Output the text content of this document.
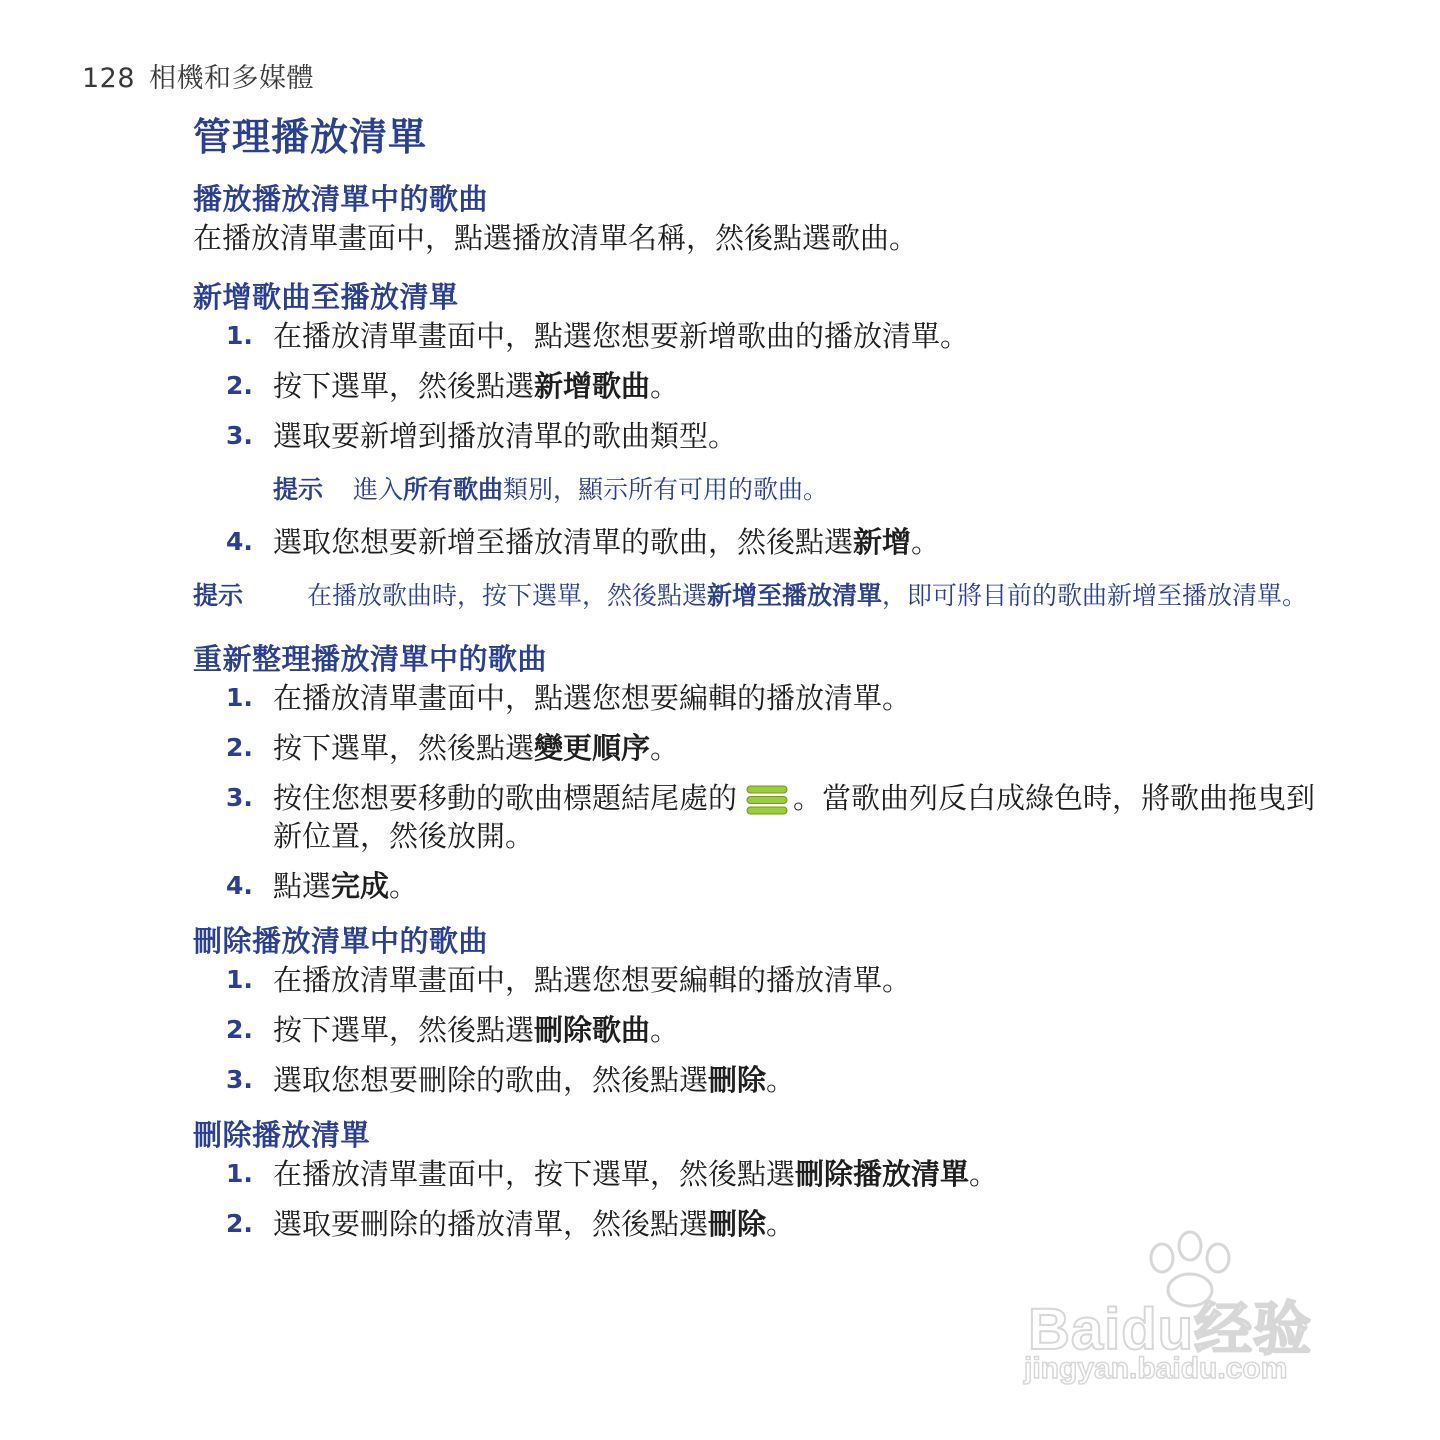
128 相機和多媒體
管理播放清單
播放播放清單中的歌曲
在播放清單畫面中，點選播放清單名稱，然後點選歌曲。
新增歌曲至播放清單
1. 在播放清單畫面中，點選您想要新增歌曲的播放清單。
2. 按下選單，然後點選新增歌曲。
3. 選取要新增到播放清單的歌曲類型。
提示 進入所有歌曲類別，顯示所有可用的歌曲。
4. 選取您想要新增至播放清單的歌曲，然後點選新增。
提示	在播放歌曲時，按下選單，然後點選新增至播放清單，即可將目前的歌曲新增至播放清單。
重新整理播放清單中的歌曲
1. 在播放清單畫面中，點選您想要編輯的播放清單。
2. 按下選單，然後點選變更順序。
3. 按住您想要移動的歌曲標題結尾處的 。當歌曲列反白成綠色時，將歌曲拖曳到新位置，然後放開。
4. 點選完成。
刪除播放清單中的歌曲
1. 在播放清單畫面中，點選您想要編輯的播放清單。
2. 按下選單，然後點選刪除歌曲。
3. 選取您想要刪除的歌曲，然後點選刪除。
刪除播放清單
1. 在播放清單畫面中，按下選單，然後點選刪除播放清單。
2. 選取要刪除的播放清單，然後點選刪除。
Baidu经验
jingyan.baidu.com
